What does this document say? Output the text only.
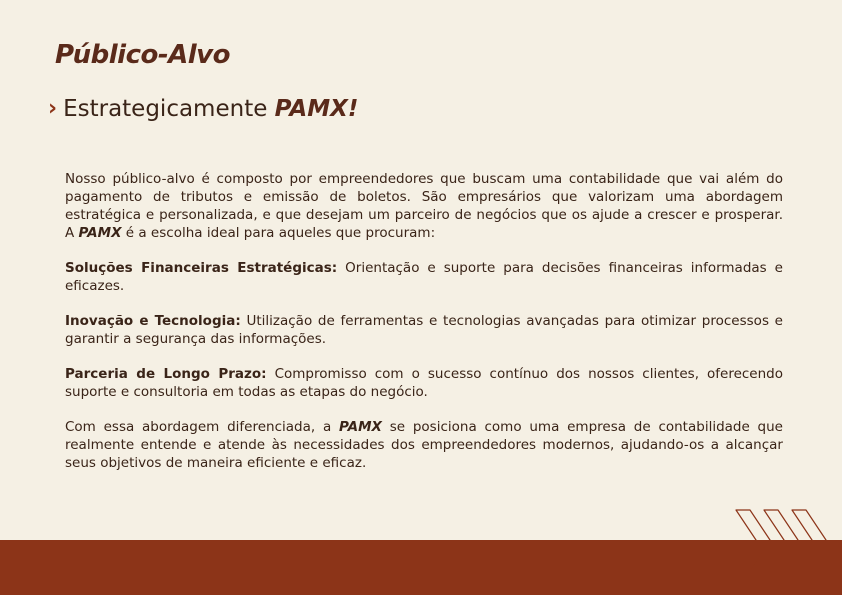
Público-Alvo
› Estrategicamente PAMX!

Nosso público-alvo é composto por empreendedores que buscam uma contabilidade que vai além do pagamento de tributos e emissão de boletos. São empresários que valorizam uma abordagem estratégica e personalizada, e que desejam um parceiro de negócios que os ajude a crescer e prosperar. A PAMX é a escolha ideal para aqueles que procuram:

Soluções Financeiras Estratégicas: Orientação e suporte para decisões financeiras informadas e eficazes.

Inovação e Tecnologia: Utilização de ferramentas e tecnologias avançadas para otimizar processos e garantir a segurança das informações.

Parceria de Longo Prazo: Compromisso com o sucesso contínuo dos nossos clientes, oferecendo suporte e consultoria em todas as etapas do negócio.

Com essa abordagem diferenciada, a PAMX se posiciona como uma empresa de contabilidade que realmente entende e atende às necessidades dos empreendedores modernos, ajudando-os a alcançar seus objetivos de maneira eficiente e eficaz.
